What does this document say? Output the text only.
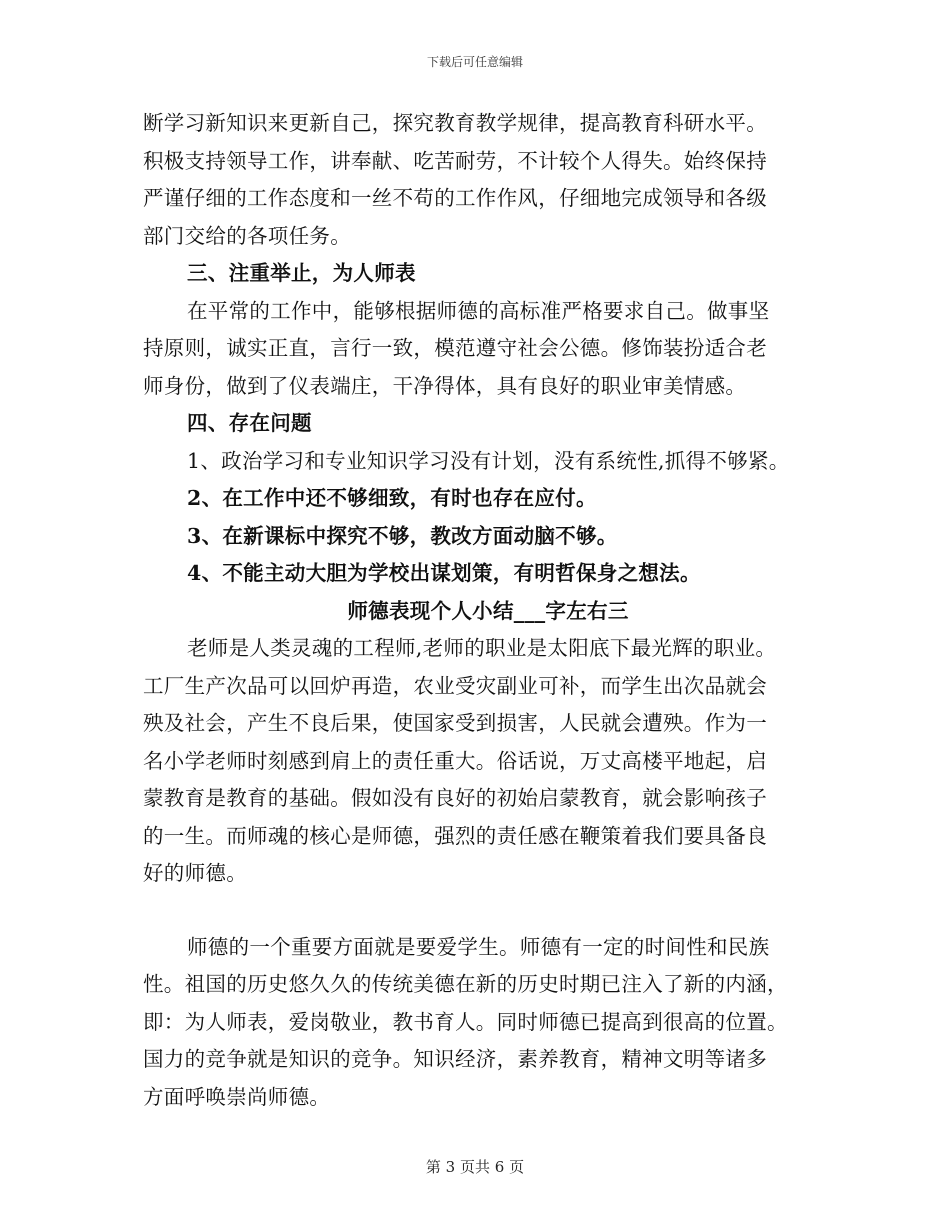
下载后可任意编辑
断学习新知识来更新自己，探究教育教学规律，提高教育科研水平。
积极支持领导工作，讲奉献、吃苦耐劳，不计较个人得失。始终保持
严谨仔细的工作态度和一丝不苟的工作作风，仔细地完成领导和各级
部门交给的各项任务。
三、注重举止，为人师表
在平常的工作中，能够根据师德的高标准严格要求自己。做事坚
持原则，诚实正直，言行一致，模范遵守社会公德。修饰装扮适合老
师身份，做到了仪表端庄，干净得体，具有良好的职业审美情感。
四、存在问题
1、政治学习和专业知识学习没有计划，没有系统性,抓得不够紧。
2、在工作中还不够细致，有时也存在应付。
3、在新课标中探究不够，教改方面动脑不够。
4、不能主动大胆为学校出谋划策，有明哲保身之想法。
师德表现个人小结___字左右三
老师是人类灵魂的工程师,老师的职业是太阳底下最光辉的职业。
工厂生产次品可以回炉再造，农业受灾副业可补，而学生出次品就会
殃及社会，产生不良后果，使国家受到损害，人民就会遭殃。作为一
名小学老师时刻感到肩上的责任重大。俗话说，万丈高楼平地起，启
蒙教育是教育的基础。假如没有良好的初始启蒙教育，就会影响孩子
的一生。而师魂的核心是师德，强烈的责任感在鞭策着我们要具备良
好的师德。
师德的一个重要方面就是要爱学生。师德有一定的时间性和民族
性。祖国的历史悠久久的传统美德在新的历史时期已注入了新的内涵，
即：为人师表，爱岗敬业，教书育人。同时师德已提高到很高的位置。
国力的竞争就是知识的竞争。知识经济，素养教育，精神文明等诸多
方面呼唤崇尚师德。
第 3 页共 6 页
